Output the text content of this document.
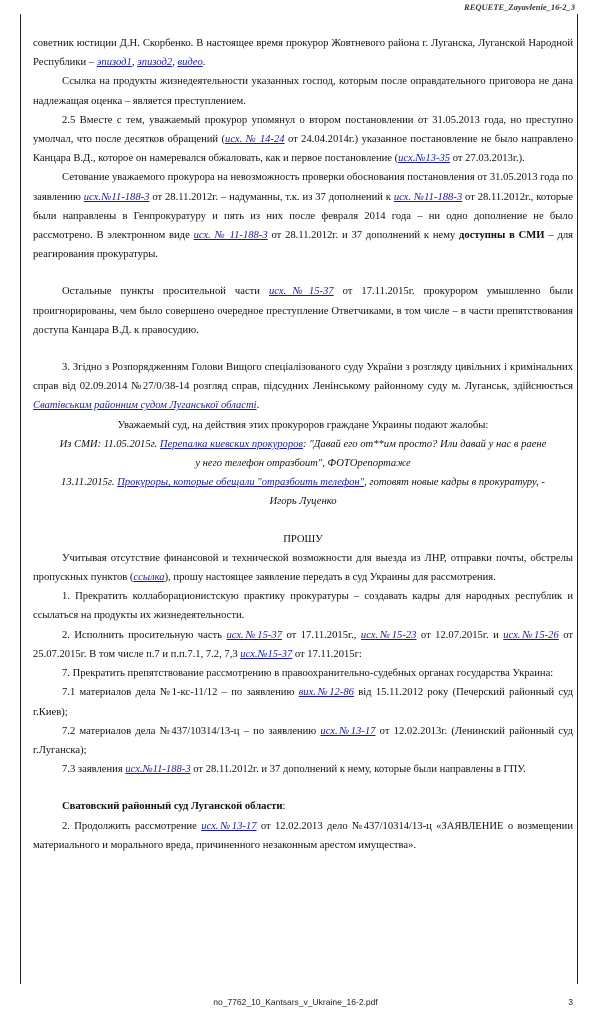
REQUETE_Zayavlenie_16-2_3

советник юстиции Д.Н. Скорбенко. В настоящее время прокурор Жовтневого района г. Луганска, Луганской Народной Республики – эпизод1, эпизод2, видео.

Ссылка на продукты жизнедеятельности указанных господ, которым после оправдательного приговора не дана надлежащая оценка – является преступлением.

2.5 Вместе с тем, уважаемый прокурор упомянул о втором постановлении от 31.05.2013 года, но преступно умолчал, что после десятков обращений (исх. № 14-24 от 24.04.2014г.) указанное постановление не было направлено Канцара В.Д., которое он намеревался обжаловать, как и первое постановление (исх.№13-35 от 27.03.2013г.).

Сетование уважаемого прокурора на невозможность проверки обоснования постановления от 31.05.2013 года по заявлению исх.№11-188-3 от 28.11.2012г. – надуманны, т.к. из 37 дополнений к исх. №11-188-3 от 28.11.2012г., которые были направлены в Генпрокуратуру и пять из них после февраля 2014 года – ни одно дополнение не было рассмотрено. В электронном виде исх. № 11-188-3 от 28.11.2012г. и 37 дополнений к нему доступны в СМИ – для реагирования прокуратуры.

Остальные пункты просительной части исх.№15-37 от 17.11.2015г. прокурором умышленно были проигнорированы, чем было совершено очередное преступление Ответчиками, в том числе – в части препятствования доступа Канцара В.Д. к правосудию.

3. Згідно з Розпорядженням Голови Вищого спеціалізованого суду України з розгляду цивільних і кримінальних справ від 02.09.2014 №27/0/38-14 розгляд справ, підсудних Ленінському районному суду м. Луганськ, здійснюється Сватівським районним судом Луганської області.

Уважаемый суд, на действия этих прокуроров граждане Украины подают жалобы:

Из СМИ: 11.05.2015г. Перепалка киевских прокуроров: "Давай его от**им просто? Или давай у нас в раене у него телефон отразбоит", ФОТОрепортаже

13.11.2015г. Прокуроры, которые обещали "отразбоить телефон", готовят новые кадры в прокуратуру, - Игорь Луценко

ПРОШУ

Учитывая отсутствие финансовой и технической возможности для выезда из ЛНР, отправки почты, обстрелы пропускных пунктов (ссылка), прошу настоящее заявление передать в суд Украины для рассмотрения.

1. Прекратить коллаборационистскую практику прокуратуры – создавать кадры для народных республик и ссылаться на продукты их жизнедеятельности.

2. Исполнить просительную часть исх.№15-37 от 17.11.2015г., исх.№15-23 от 12.07.2015г. и исх.№15-26 от 25.07.2015г. В том числе п.7 и п.п.7.1, 7.2, 7,3 исх.№15-37 от 17.11.2015г:

7. Прекратить препятствование рассмотрению в правоохранительно-судебных органах государства Украина:

7.1 материалов дела №1-кс-11/12 – по заявлению вих.№12-86 від 15.11.2012 року (Печерский районный суд г.Киев);

7.2 материалов дела №437/10314/13-ц – по заявлению исх.№13-17 от 12.02.2013г. (Ленинский районный суд г.Луганска);

7.3 заявления исх.№11-188-3 от 28.11.2012г. и 37 дополнений к нему, которые были направлены в ГПУ.

Сватовский районный суд Луганской области:

2. Продолжить рассмотрение исх.№13-17 от 12.02.2013 дело №437/10314/13-ц «ЗАЯВЛЕНИЕ о возмещении материального и морального вреда, причиненного незаконным арестом имущества».

no_7762_10_Kantsars_v_Ukraine_16-2.pdf	3
